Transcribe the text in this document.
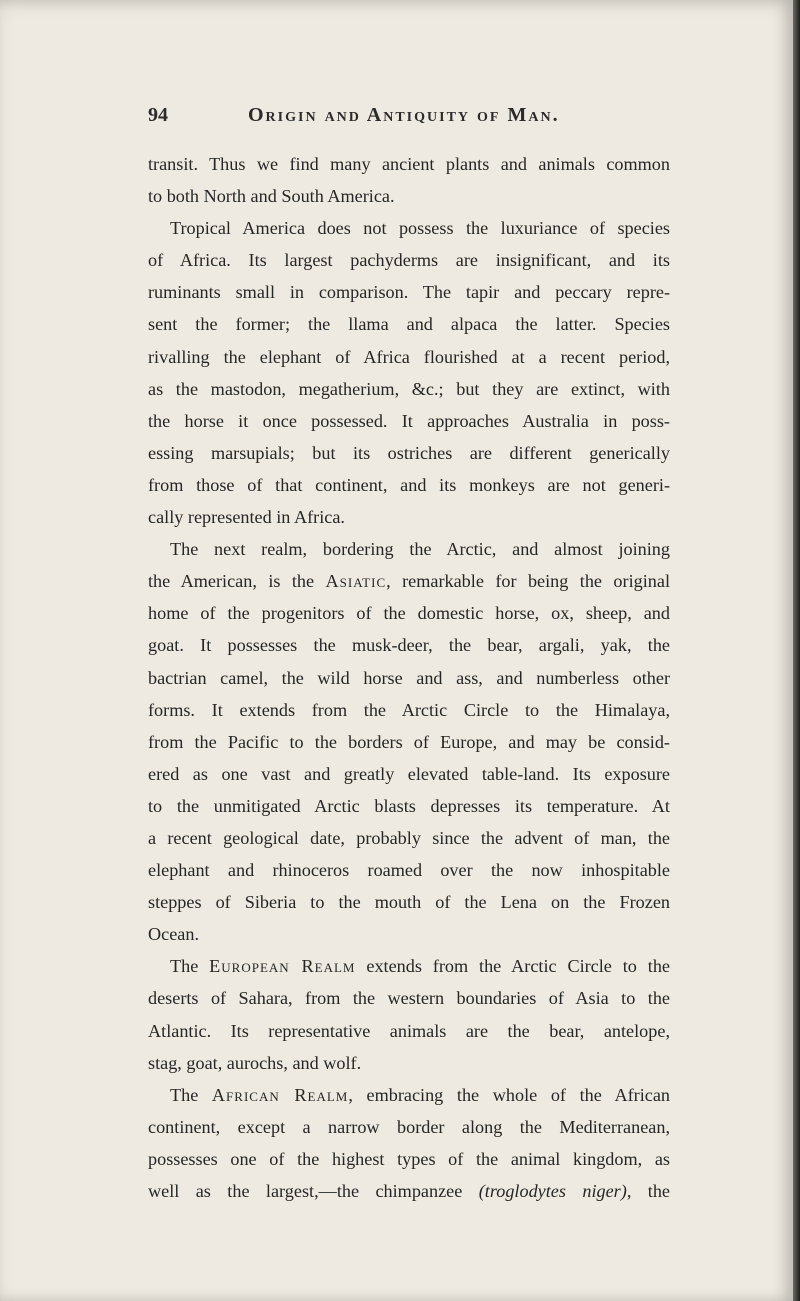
94	Origin and Antiquity of Man.
transit. Thus we find many ancient plants and animals common
to both North and South America.
Tropical America does not possess the luxuriance of species
of Africa. Its largest pachyderms are insignificant, and its
ruminants small in comparison. The tapir and peccary repre-
sent the former; the llama and alpaca the latter. Species
rivalling the elephant of Africa flourished at a recent period,
as the mastodon, megatherium, &c.; but they are extinct, with
the horse it once possessed. It approaches Australia in poss-
essing marsupials; but its ostriches are different generically
from those of that continent, and its monkeys are not generi-
cally represented in Africa.
The next realm, bordering the Arctic, and almost joining
the American, is the Asiatic, remarkable for being the original
home of the progenitors of the domestic horse, ox, sheep, and
goat. It possesses the musk-deer, the bear, argali, yak, the
bactrian camel, the wild horse and ass, and numberless other
forms. It extends from the Arctic Circle to the Himalaya,
from the Pacific to the borders of Europe, and may be consid-
ered as one vast and greatly elevated table-land. Its exposure
to the unmitigated Arctic blasts depresses its temperature. At
a recent geological date, probably since the advent of man, the
elephant and rhinoceros roamed over the now inhospitable
steppes of Siberia to the mouth of the Lena on the Frozen
Ocean.
The European Realm extends from the Arctic Circle to the
deserts of Sahara, from the western boundaries of Asia to the
Atlantic. Its representative animals are the bear, antelope,
stag, goat, aurochs, and wolf.
The African Realm, embracing the whole of the African
continent, except a narrow border along the Mediterranean,
possesses one of the highest types of the animal kingdom, as
well as the largest,—the chimpanzee (troglodytes niger), the
